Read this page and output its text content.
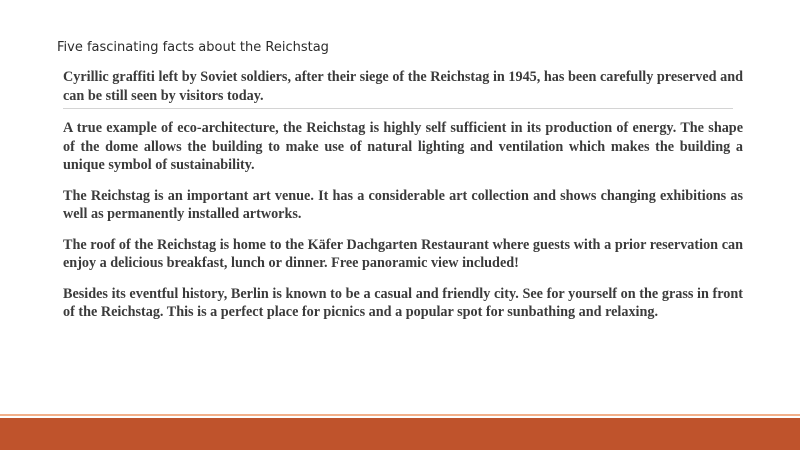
Five fascinating facts about the Reichstag

Cyrillic graffiti left by Soviet soldiers, after their siege of the Reichstag in 1945, has been carefully preserved and can be still seen by visitors today.

A true example of eco-architecture, the Reichstag is highly self sufficient in its production of energy. The shape of the dome allows the building to make use of natural lighting and ventilation which makes the building a unique symbol of sustainability.

The Reichstag is an important art venue. It has a considerable art collection and shows changing exhibitions as well as permanently installed artworks.

The roof of the Reichstag is home to the Käfer Dachgarten Restaurant where guests with a prior reservation can enjoy a delicious breakfast, lunch or dinner. Free panoramic view included!

Besides its eventful history, Berlin is known to be a casual and friendly city. See for yourself on the grass in front of the Reichstag. This is a perfect place for picnics and a popular spot for sunbathing and relaxing.
